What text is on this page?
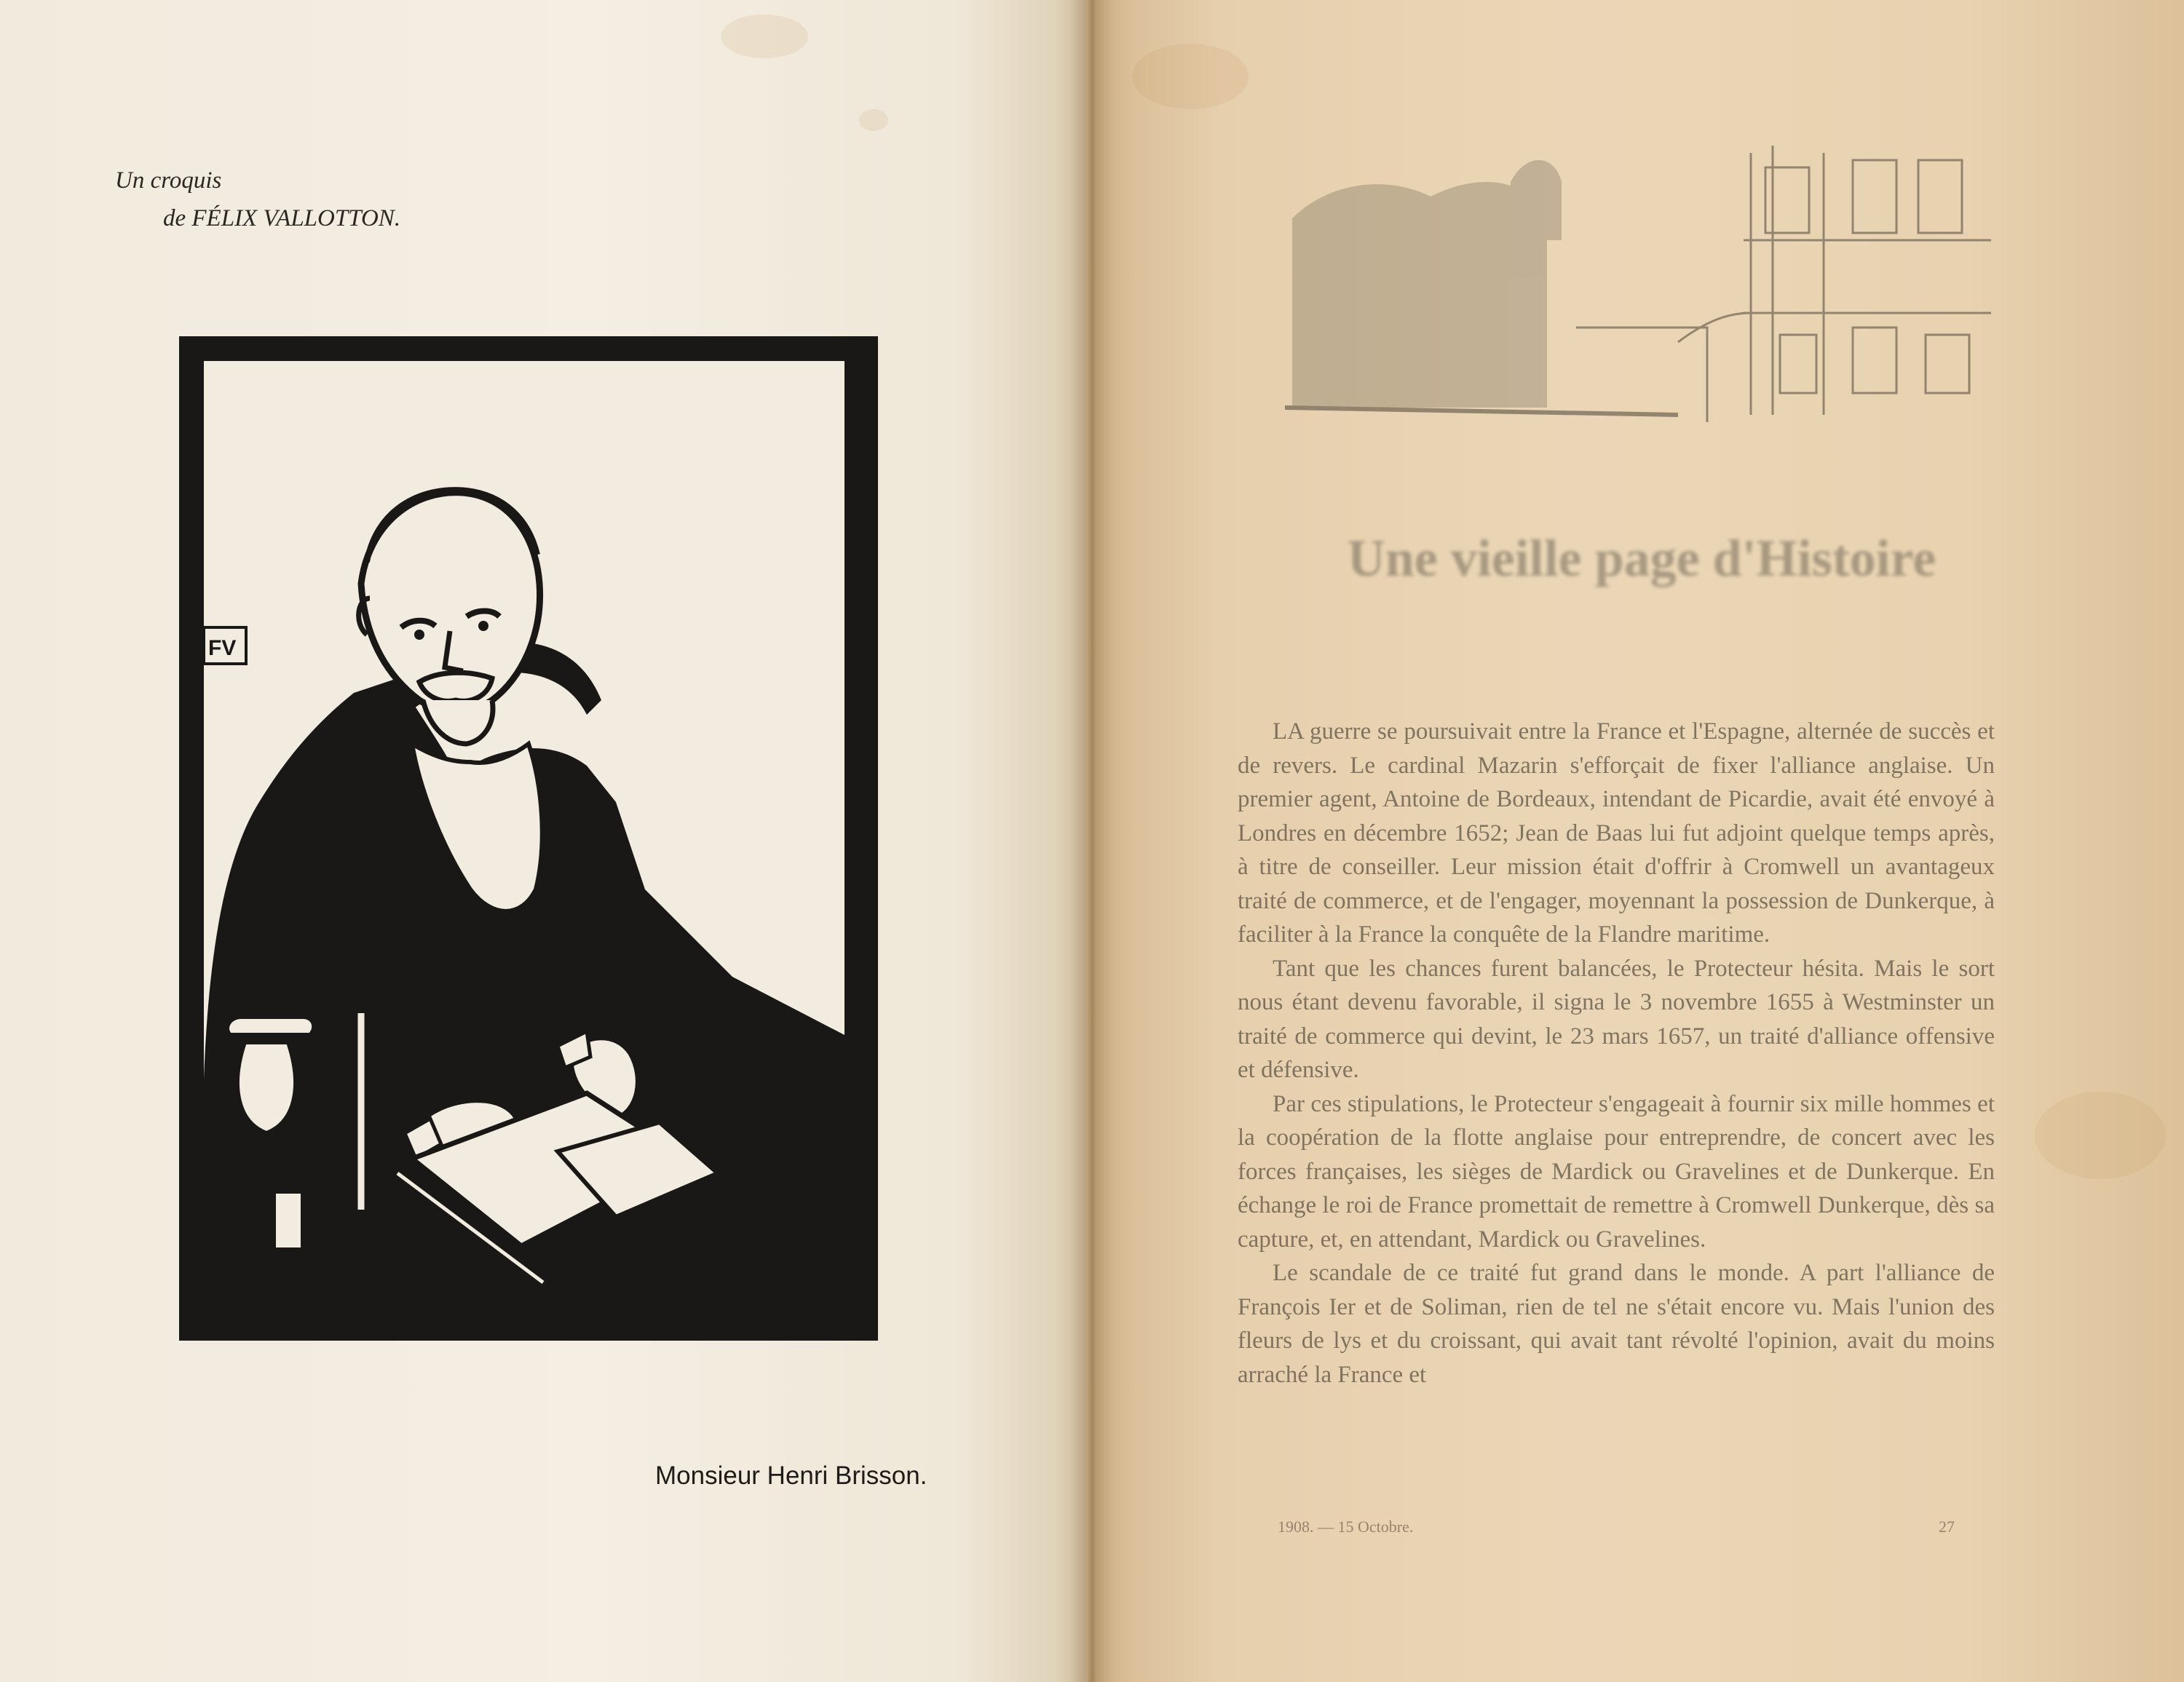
Un croquis
de FÉLIX VALLOTTON.
FV
Monsieur Henri Brisson.
Une vieille page d'Histoire

LA guerre se poursuivait entre la France et l'Espagne, alternée de succès et de revers. Le cardinal Mazarin s'efforçait de fixer l'alliance anglaise. Un premier agent, Antoine de Bordeaux, intendant de Picardie, avait été envoyé à Londres en décembre 1652; Jean de Baas lui fut adjoint quelque temps après, à titre de conseiller. Leur mission était d'offrir à Cromwell un avantageux traité de commerce, et de l'engager, moyennant la possession de Dunkerque, à faciliter à la France la conquête de la Flandre maritime.

Tant que les chances furent balancées, le Protecteur hésita. Mais le sort nous étant devenu favorable, il signa le 3 novembre 1655 à Westminster un traité de commerce qui devint, le 23 mars 1657, un traité d'alliance offensive et défensive.

Par ces stipulations, le Protecteur s'engageait à fournir six mille hommes et la coopération de la flotte anglaise pour entreprendre, de concert avec les forces françaises, les sièges de Mardick ou Gravelines et de Dunkerque. En échange le roi de France promettait de remettre à Cromwell Dunkerque, dès sa capture, et, en attendant, Mardick ou Gravelines.

Le scandale de ce traité fut grand dans le monde. A part l'alliance de François Ier et de Soliman, rien de tel ne s'était encore vu. Mais l'union des fleurs de lys et du croissant, qui avait tant révolté l'opinion, avait du moins arraché la France et

1908. — 15 Octobre.	27
